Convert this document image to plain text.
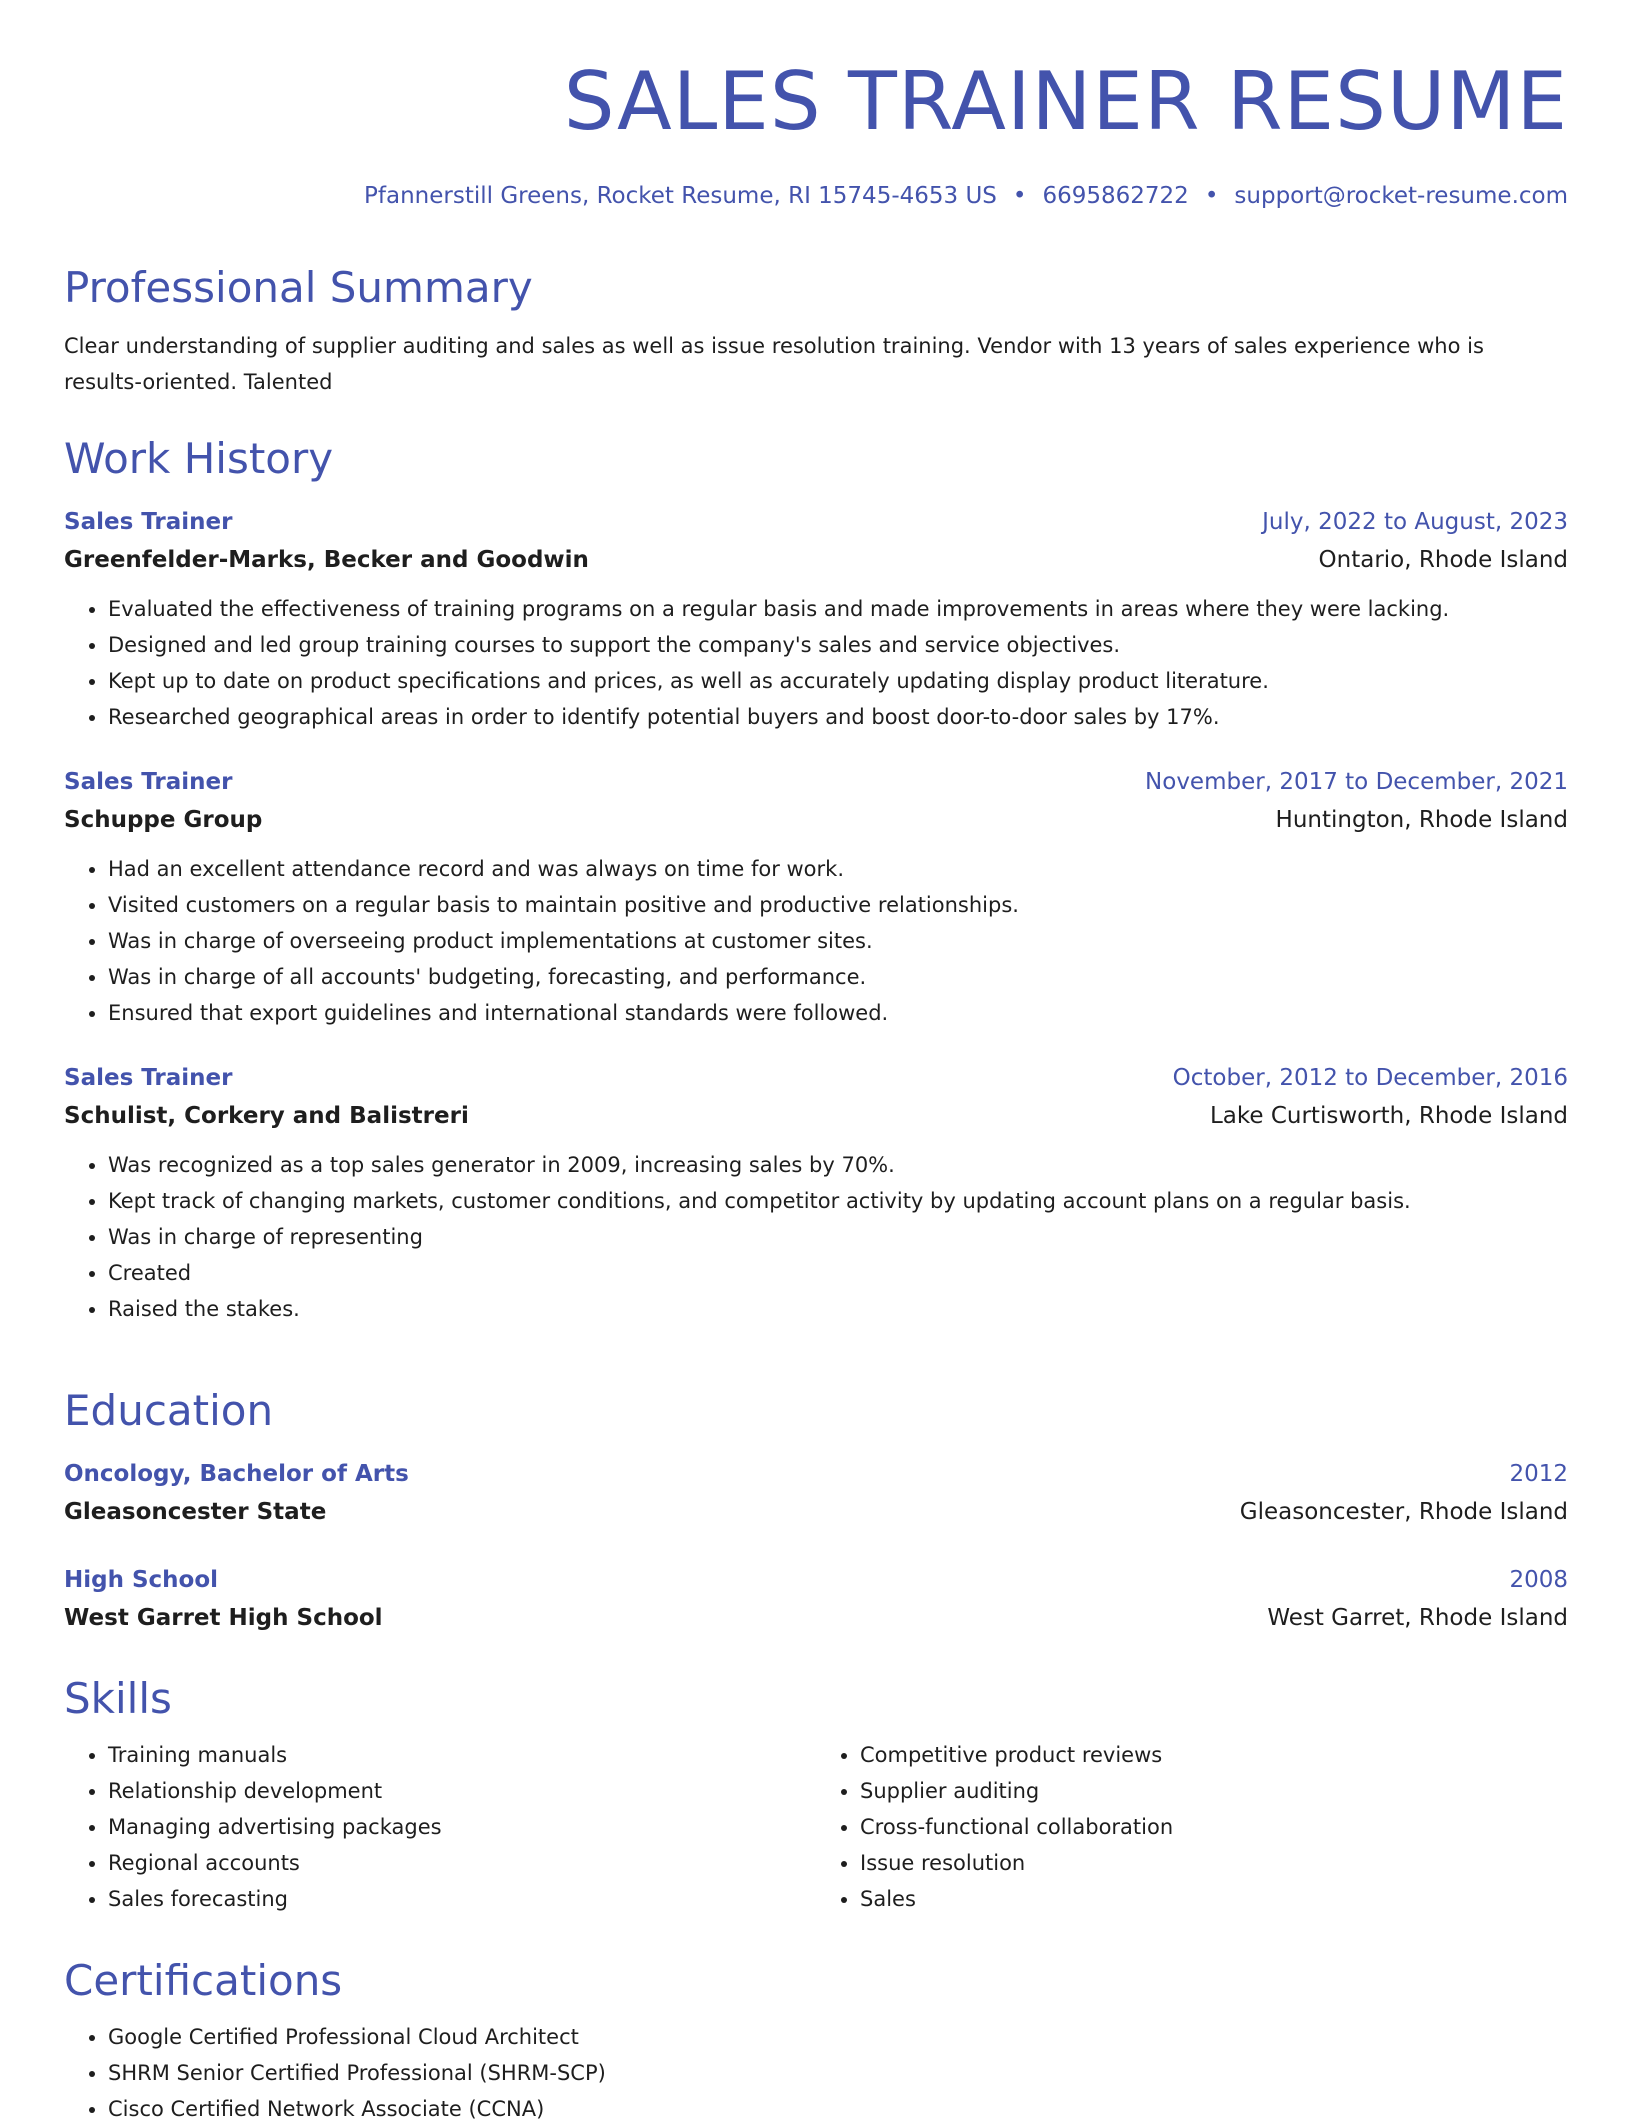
SALES TRAINER RESUME
Pfannerstill Greens, Rocket Resume, RI 15745-4653 US • 6695862722 • support@rocket-resume.com
Professional Summary

Clear understanding of supplier auditing and sales as well as issue resolution training. Vendor with 13 years of sales experience who is results-oriented. Talented

Work History
Sales Trainer	July, 2022 to August, 2023
Greenfelder-Marks, Becker and Goodwin	Ontario, Rhode Island
• Evaluated the effectiveness of training programs on a regular basis and made improvements in areas where they were lacking.
• Designed and led group training courses to support the company's sales and service objectives.
• Kept up to date on product specifications and prices, as well as accurately updating display product literature.
• Researched geographical areas in order to identify potential buyers and boost door-to-door sales by 17%.
Sales Trainer	November, 2017 to December, 2021
Schuppe Group	Huntington, Rhode Island
• Had an excellent attendance record and was always on time for work.
• Visited customers on a regular basis to maintain positive and productive relationships.
• Was in charge of overseeing product implementations at customer sites.
• Was in charge of all accounts' budgeting, forecasting, and performance.
• Ensured that export guidelines and international standards were followed.
Sales Trainer	October, 2012 to December, 2016
Schulist, Corkery and Balistreri	Lake Curtisworth, Rhode Island
• Was recognized as a top sales generator in 2009, increasing sales by 70%.
• Kept track of changing markets, customer conditions, and competitor activity by updating account plans on a regular basis.
• Was in charge of representing
• Created
• Raised the stakes.
Education
Oncology, Bachelor of Arts	2012
Gleasoncester State	Gleasoncester, Rhode Island
High School	2008
West Garret High School	West Garret, Rhode Island
Skills
• Training manuals
• Relationship development
• Managing advertising packages
• Regional accounts
• Sales forecasting
• Competitive product reviews
• Supplier auditing
• Cross-functional collaboration
• Issue resolution
• Sales
Certifications
• Google Certified Professional Cloud Architect
• SHRM Senior Certified Professional (SHRM-SCP)
• Cisco Certified Network Associate (CCNA)
